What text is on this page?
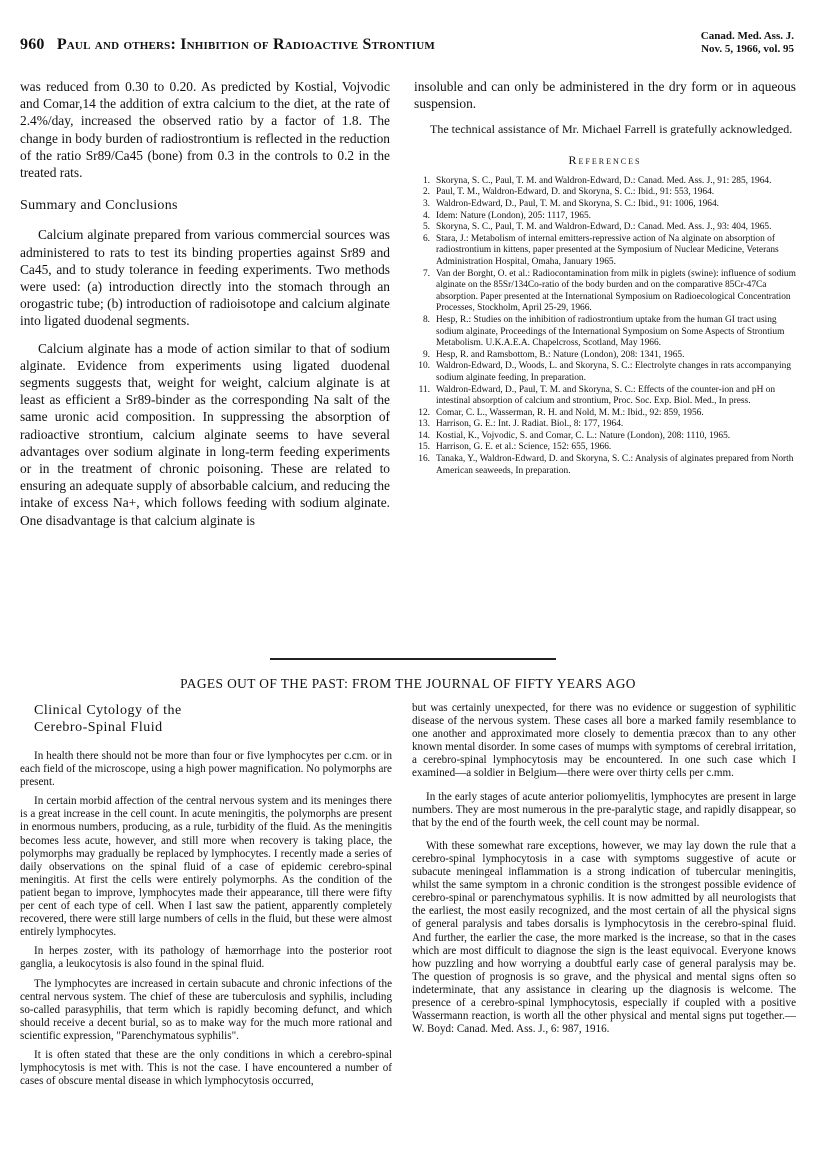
960 Paul and others: Inhibition of Radioactive Strontium	Canad. Med. Ass. J.
Nov. 5, 1966, vol. 95

was reduced from 0.30 to 0.20. As predicted by Kostial, Vojvodic and Comar,14 the addition of extra calcium to the diet, at the rate of 2.4%/day, increased the observed ratio by a factor of 1.8. The change in body burden of radiostrontium is reflected in the reduction of the ratio Sr89/Ca45 (bone) from 0.3 in the controls to 0.2 in the treated rats.

Summary and Conclusions

Calcium alginate prepared from various commercial sources was administered to rats to test its binding properties against Sr89 and Ca45, and to study tolerance in feeding experiments. Two methods were used: (a) introduction directly into the stomach through an orogastric tube; (b) introduction of radioisotope and calcium alginate into ligated duodenal segments.

Calcium alginate has a mode of action similar to that of sodium alginate. Evidence from experiments using ligated duodenal segments suggests that, weight for weight, calcium alginate is at least as efficient a Sr89-binder as the corresponding Na salt of the same uronic acid composition. In suppressing the absorption of radioactive strontium, calcium alginate seems to have several advantages over sodium alginate in long-term feeding experiments or in the treatment of chronic poisoning. These are related to ensuring an adequate supply of absorbable calcium, and reducing the intake of excess Na+, which follows feeding with sodium alginate. One disadvantage is that calcium alginate is

insoluble and can only be administered in the dry form or in aqueous suspension.

The technical assistance of Mr. Michael Farrell is gratefully acknowledged.

References
1. Skoryna, S. C., Paul, T. M. and Waldron-Edward, D.: Canad. Med. Ass. J., 91: 285, 1964.
2. Paul, T. M., Waldron-Edward, D. and Skoryna, S. C.: Ibid., 91: 553, 1964.
3. Waldron-Edward, D., Paul, T. M. and Skoryna, S. C.: Ibid., 91: 1006, 1964.
4. Idem: Nature (London), 205: 1117, 1965.
5. Skoryna, S. C., Paul, T. M. and Waldron-Edward, D.: Canad. Med. Ass. J., 93: 404, 1965.
6. Stara, J.: Metabolism of internal emitters-repressive action of Na alginate on absorption of radiostrontium in kittens, paper presented at the Symposium of Nuclear Medicine, Veterans Administration Hospital, Omaha, January 1965.
7. Van der Borght, O. et al.: Radiocontamination from milk in piglets (swine): influence of sodium alginate on the 85Sr/134Co-ratio of the body burden and on the comparative 85Cr-47Ca absorption. Paper presented at the International Symposium on Radioecological Concentration Processes, Stockholm, April 25-29, 1966.
8. Hesp, R.: Studies on the inhibition of radiostrontium uptake from the human GI tract using sodium alginate, Proceedings of the International Symposium on Some Aspects of Strontium Metabolism. U.K.A.E.A. Chapelcross, Scotland, May 1966.
9. Hesp, R. and Ramsbottom, B.: Nature (London), 208: 1341, 1965.
10. Waldron-Edward, D., Woods, L. and Skoryna, S. C.: Electrolyte changes in rats accompanying sodium alginate feeding, In preparation.
11. Waldron-Edward, D., Paul, T. M. and Skoryna, S. C.: Effects of the counter-ion and pH on intestinal absorption of calcium and strontium, Proc. Soc. Exp. Biol. Med., In press.
12. Comar, C. L., Wasserman, R. H. and Nold, M. M.: Ibid., 92: 859, 1956.
13. Harrison, G. E.: Int. J. Radiat. Biol., 8: 177, 1964.
14. Kostial, K., Vojvodic, S. and Comar, C. L.: Nature (London), 208: 1110, 1965.
15. Harrison, G. E. et al.: Science, 152: 655, 1966.
16. Tanaka, Y., Waldron-Edward, D. and Skoryna, S. C.: Analysis of alginates prepared from North American seaweeds, In preparation.
PAGES OUT OF THE PAST: FROM THE JOURNAL OF FIFTY YEARS AGO
Clinical Cytology of the
Cerebro-Spinal Fluid

In health there should not be more than four or five lymphocytes per c.cm. or in each field of the microscope, using a high power magnification. No polymorphs are present.

In certain morbid affection of the central nervous system and its meninges there is a great increase in the cell count. In acute meningitis, the polymorphs are present in enormous numbers, producing, as a rule, turbidity of the fluid. As the meningitis becomes less acute, however, and still more when recovery is taking place, the polymorphs may gradually be replaced by lymphocytes. I recently made a series of daily observations on the spinal fluid of a case of epidemic cerebro-spinal meningitis. At first the cells were entirely polymorphs. As the condition of the patient began to improve, lymphocytes made their appearance, till there were fifty per cent of each type of cell. When I last saw the patient, apparently completely recovered, there were still large numbers of cells in the fluid, but these were almost entirely lymphocytes.

In herpes zoster, with its pathology of hæmorrhage into the posterior root ganglia, a leukocytosis is also found in the spinal fluid.

The lymphocytes are increased in certain subacute and chronic infections of the central nervous system. The chief of these are tuberculosis and syphilis, including so-called parasyphilis, that term which is rapidly becoming defunct, and which should receive a decent burial, so as to make way for the much more rational and scientific expression, "Parenchymatous syphilis".

It is often stated that these are the only conditions in which a cerebro-spinal lymphocytosis is met with. This is not the case. I have encountered a number of cases of obscure mental disease in which lymphocytosis occurred,

but was certainly unexpected, for there was no evidence or suggestion of syphilitic disease of the nervous system. These cases all bore a marked family resemblance to one another and approximated more closely to dementia præcox than to any other known mental disorder. In some cases of mumps with symptoms of cerebral irritation, a cerebro-spinal lymphocytosis may be encountered. In one such case which I examined—a soldier in Belgium—there were over thirty cells per c.mm.

In the early stages of acute anterior poliomyelitis, lymphocytes are present in large numbers. They are most numerous in the pre-paralytic stage, and rapidly disappear, so that by the end of the fourth week, the cell count may be normal.

With these somewhat rare exceptions, however, we may lay down the rule that a cerebro-spinal lymphocytosis in a case with symptoms suggestive of acute or subacute meningeal inflammation is a strong indication of tubercular meningitis, whilst the same symptom in a chronic condition is the strongest possible evidence of cerebro-spinal or parenchymatous syphilis. It is now admitted by all neurologists that the earliest, the most easily recognized, and the most certain of all the physical signs of general paralysis and tabes dorsalis is lymphocytosis in the cerebro-spinal fluid. And further, the earlier the case, the more marked is the increase, so that in the cases which are most difficult to diagnose the sign is the least equivocal. Everyone knows how puzzling and how worrying a doubtful early case of general paralysis may be. The question of prognosis is so grave, and the physical and mental signs often so indeterminate, that any assistance in clearing up the diagnosis is welcome. The presence of a cerebro-spinal lymphocytosis, especially if coupled with a positive Wassermann reaction, is worth all the other physical and mental signs put together.—W. Boyd: Canad. Med. Ass. J., 6: 987, 1916.
